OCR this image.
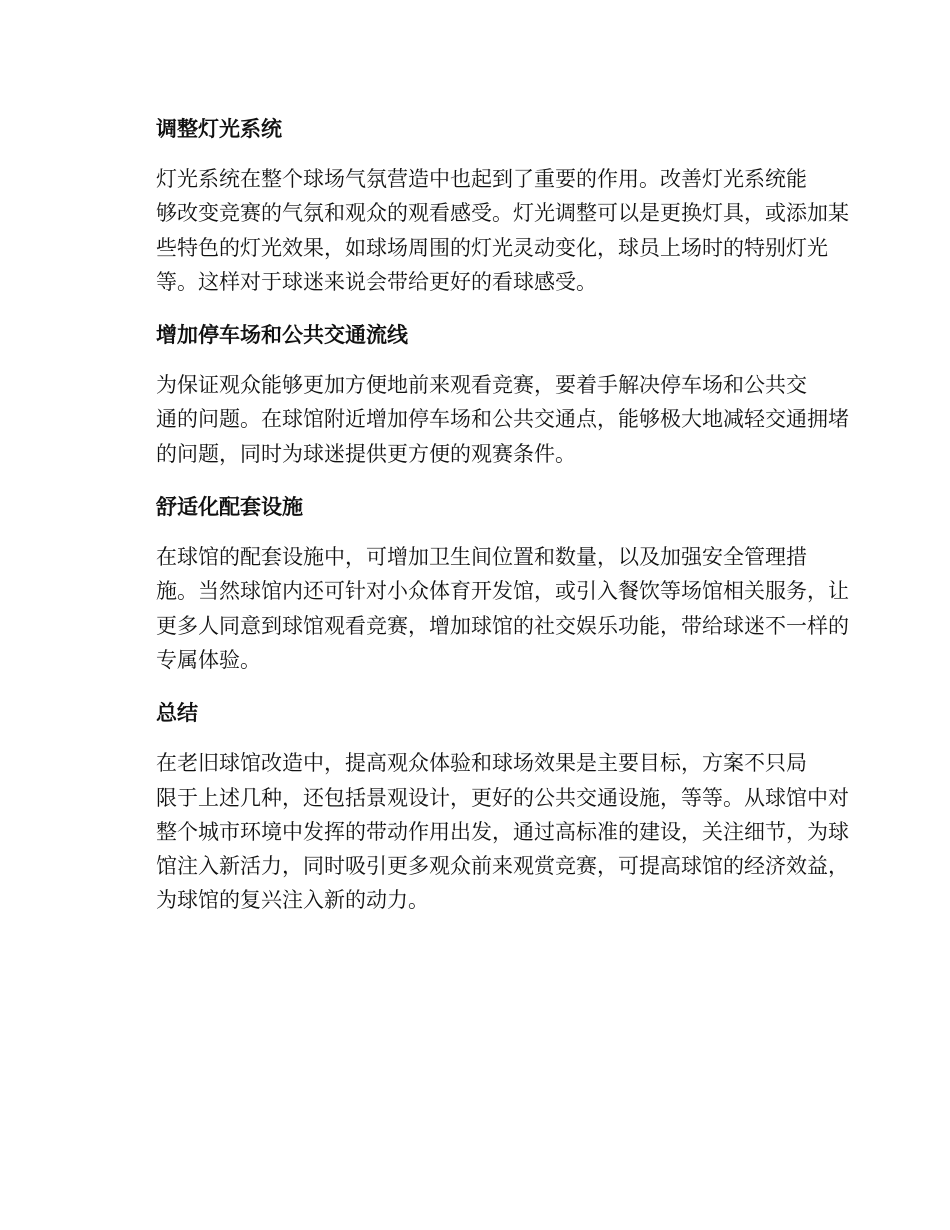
调整灯光系统

灯光系统在整个球场气氛营造中也起到了重要的作用。改善灯光系统能
够改变竞赛的气氛和观众的观看感受。灯光调整可以是更换灯具，或添加某
些特色的灯光效果，如球场周围的灯光灵动变化，球员上场时的特别灯光
等。这样对于球迷来说会带给更好的看球感受。

增加停车场和公共交通流线

为保证观众能够更加方便地前来观看竞赛，要着手解决停车场和公共交
通的问题。在球馆附近增加停车场和公共交通点，能够极大地减轻交通拥堵
的问题，同时为球迷提供更方便的观赛条件。

舒适化配套设施

在球馆的配套设施中，可增加卫生间位置和数量，以及加强安全管理措
施。当然球馆内还可针对小众体育开发馆，或引入餐饮等场馆相关服务，让
更多人同意到球馆观看竞赛，增加球馆的社交娱乐功能，带给球迷不一样的
专属体验。

总结

在老旧球馆改造中，提高观众体验和球场效果是主要目标，方案不只局
限于上述几种，还包括景观设计，更好的公共交通设施，等等。从球馆中对
整个城市环境中发挥的带动作用出发，通过高标准的建设，关注细节，为球
馆注入新活力，同时吸引更多观众前来观赏竞赛，可提高球馆的经济效益，
为球馆的复兴注入新的动力。
